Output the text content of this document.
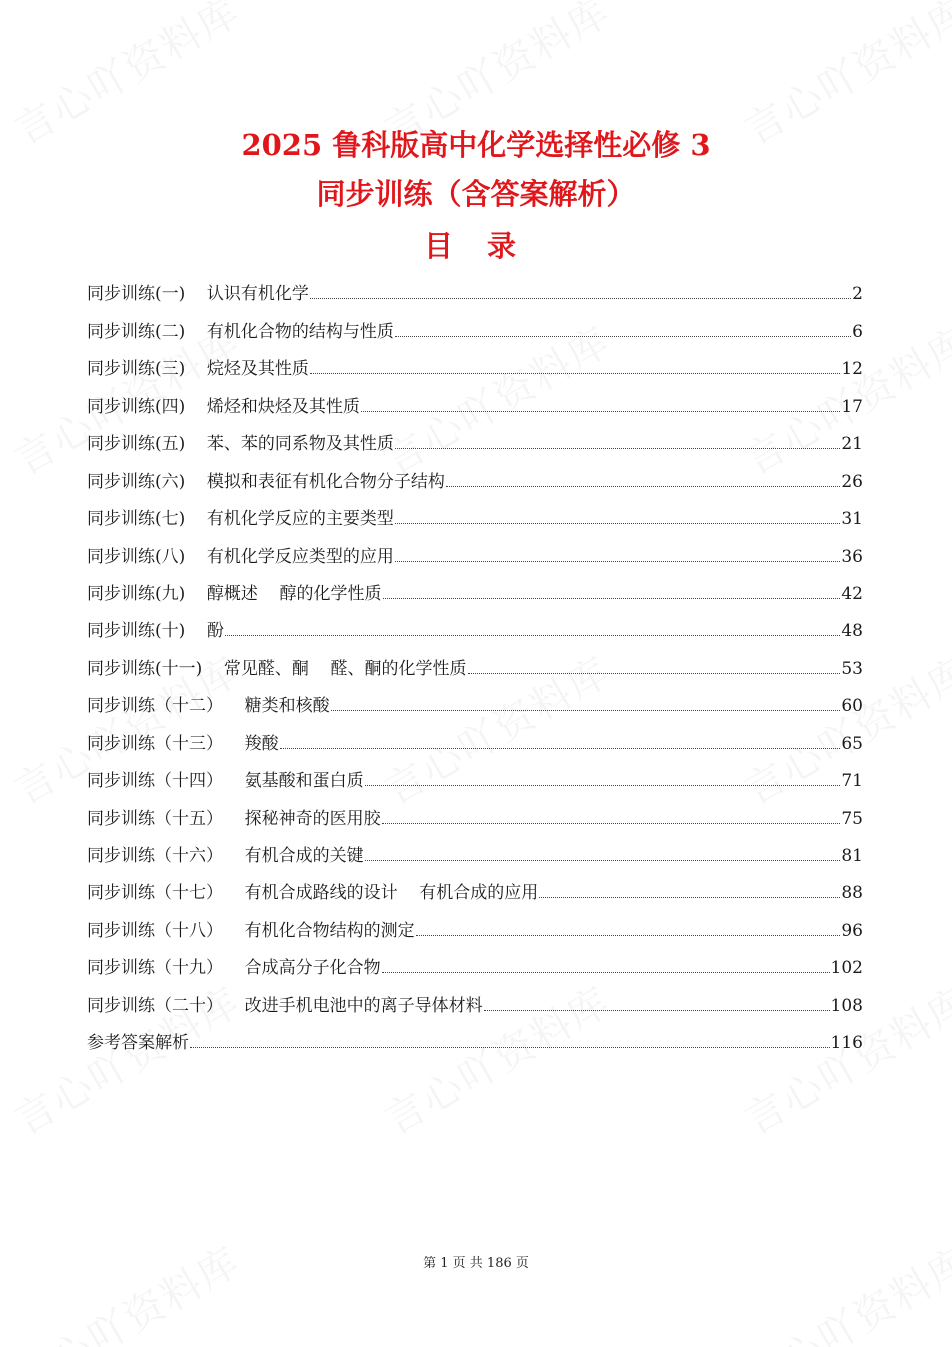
2025 鲁科版高中化学选择性必修 3
同步训练（含答案解析）
目 录
同步训练(一)    认识有机化学	2
同步训练(二)    有机化合物的结构与性质	6
同步训练(三)    烷烃及其性质	12
同步训练(四)    烯烃和炔烃及其性质	17
同步训练(五)    苯、苯的同系物及其性质	21
同步训练(六)    模拟和表征有机化合物分子结构	26
同步训练(七)    有机化学反应的主要类型	31
同步训练(八)    有机化学反应类型的应用	36
同步训练(九)    醇概述    醇的化学性质	42
同步训练(十)    酚	48
同步训练(十一)    常见醛、酮    醛、酮的化学性质	53
同步训练（十二）    糖类和核酸	60
同步训练（十三）    羧酸	65
同步训练（十四）    氨基酸和蛋白质	71
同步训练（十五）    探秘神奇的医用胶	75
同步训练（十六）    有机合成的关键	81
同步训练（十七）    有机合成路线的设计    有机合成的应用	88
同步训练（十八）    有机化合物结构的测定	96
同步训练（十九）    合成高分子化合物	102
同步训练（二十）    改进手机电池中的离子导体材料	108
参考答案解析	116
第 1 页 共 186 页
